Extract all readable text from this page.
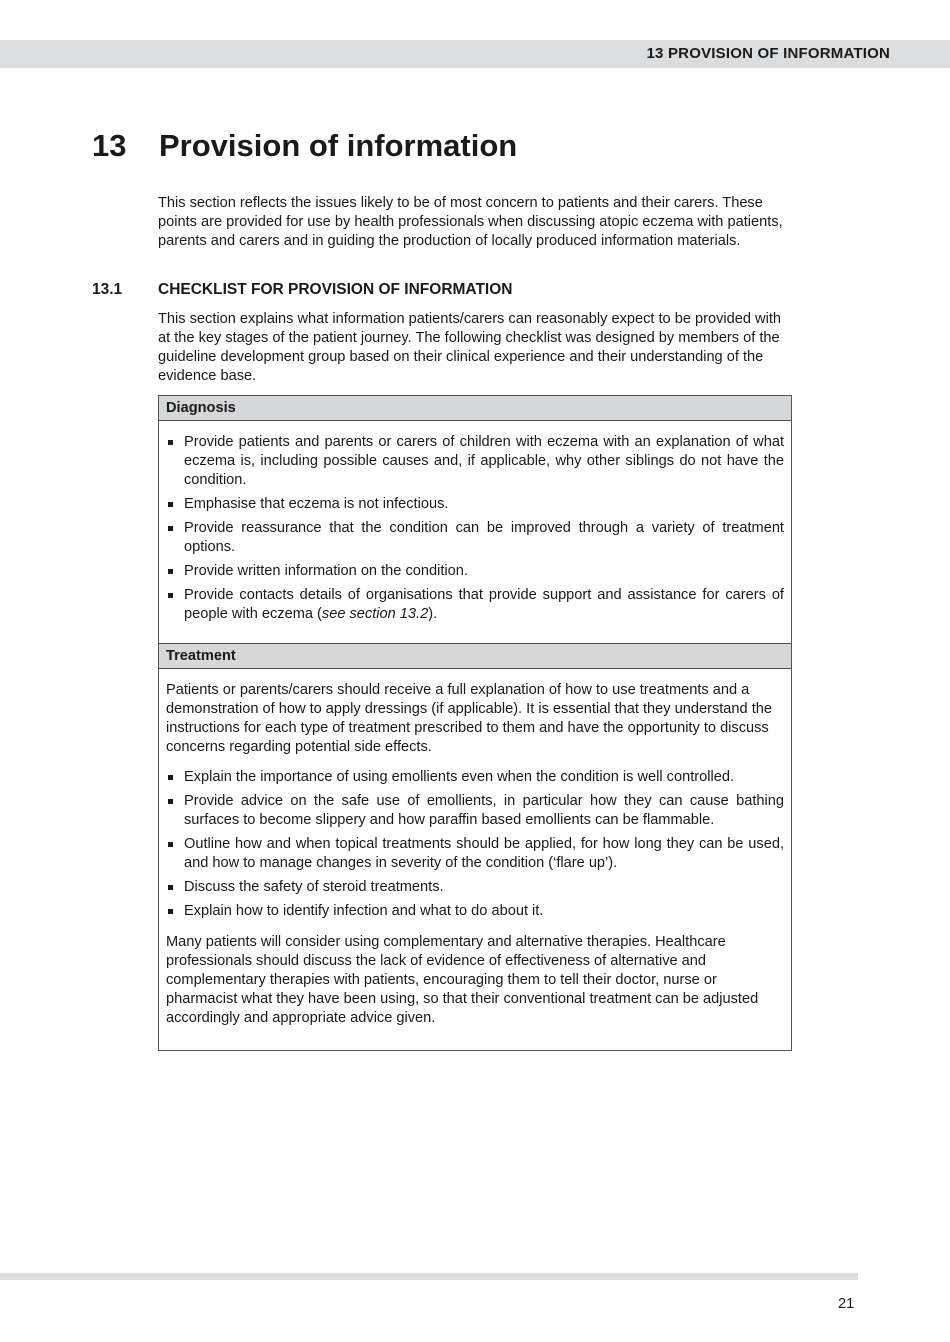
13 PROVISION OF INFORMATION
13 Provision of information

This section reflects the issues likely to be of most concern to patients and their carers. These points are provided for use by health professionals when discussing atopic eczema with patients, parents and carers and in guiding the production of locally produced information materials.

13.1 CHECKLIST FOR PROVISION OF INFORMATION

This section explains what information patients/carers can reasonably expect to be provided with at the key stages of the patient journey. The following checklist was designed by members of the guideline development group based on their clinical experience and their understanding of the evidence base.

Diagnosis
Provide patients and parents or carers of children with eczema with an explanation of what eczema is, including possible causes and, if applicable, why other siblings do not have the condition.
Emphasise that eczema is not infectious.
Provide reassurance that the condition can be improved through a variety of treatment options.
Provide written information on the condition.
Provide contacts details of organisations that provide support and assistance for carers of people with eczema (see section 13.2).
Treatment

Patients or parents/carers should receive a full explanation of how to use treatments and a demonstration of how to apply dressings (if applicable). It is essential that they understand the instructions for each type of treatment prescribed to them and have the opportunity to discuss concerns regarding potential side effects.

Explain the importance of using emollients even when the condition is well controlled.
Provide advice on the safe use of emollients, in particular how they can cause bathing surfaces to become slippery and how paraffin based emollients can be flammable.
Outline how and when topical treatments should be applied, for how long they can be used, and how to manage changes in severity of the condition (‘flare up’).
Discuss the safety of steroid treatments.
Explain how to identify infection and what to do about it.

Many patients will consider using complementary and alternative therapies. Healthcare professionals should discuss the lack of evidence of effectiveness of alternative and complementary therapies with patients, encouraging them to tell their doctor, nurse or pharmacist what they have been using, so that their conventional treatment can be adjusted accordingly and appropriate advice given.

21
